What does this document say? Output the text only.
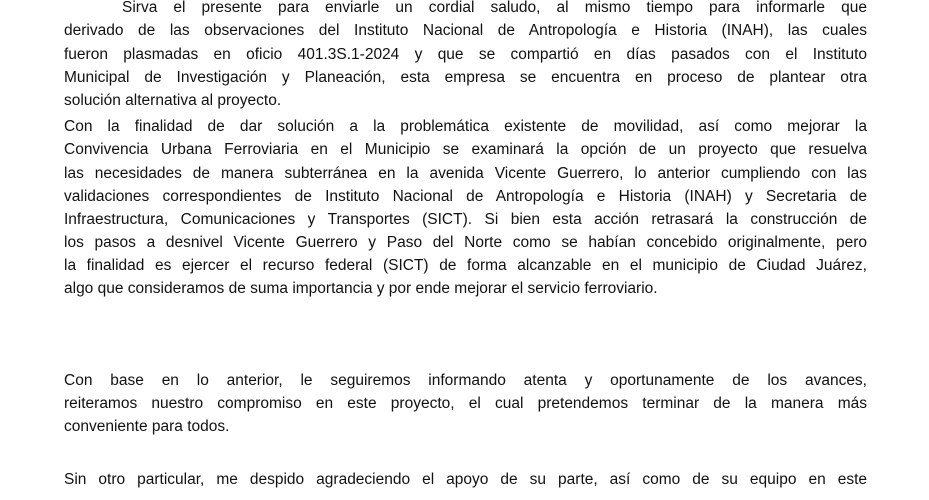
Sirva el presente para enviarle un cordial saludo, al mismo tiempo para informarle que
derivado de las observaciones del Instituto Nacional de Antropología e Historia (INAH), las cuales
fueron plasmadas en oficio 401.3S.1-2024 y que se compartió en días pasados con el Instituto
Municipal de Investigación y Planeación, esta empresa se encuentra en proceso de plantear otra
solución alternativa al proyecto.
Con la finalidad de dar solución a la problemática existente de movilidad, así como mejorar la
Convivencia Urbana Ferroviaria en el Municipio se examinará la opción de un proyecto que resuelva
las necesidades de manera subterránea en la avenida Vicente Guerrero, lo anterior cumpliendo con las
validaciones correspondientes de Instituto Nacional de Antropología e Historia (INAH) y Secretaria de
Infraestructura, Comunicaciones y Transportes (SICT). Si bien esta acción retrasará la construcción de
los pasos a desnivel Vicente Guerrero y Paso del Norte como se habían concebido originalmente, pero
la finalidad es ejercer el recurso federal (SICT) de forma alcanzable en el municipio de Ciudad Juárez,
algo que consideramos de suma importancia y por ende mejorar el servicio ferroviario.
Con base en lo anterior, le seguiremos informando atenta y oportunamente de los avances,
reiteramos nuestro compromiso en este proyecto, el cual pretendemos terminar de la manera más
conveniente para todos.
Sin otro particular, me despido agradeciendo el apoyo de su parte, así como de su equipo en este
